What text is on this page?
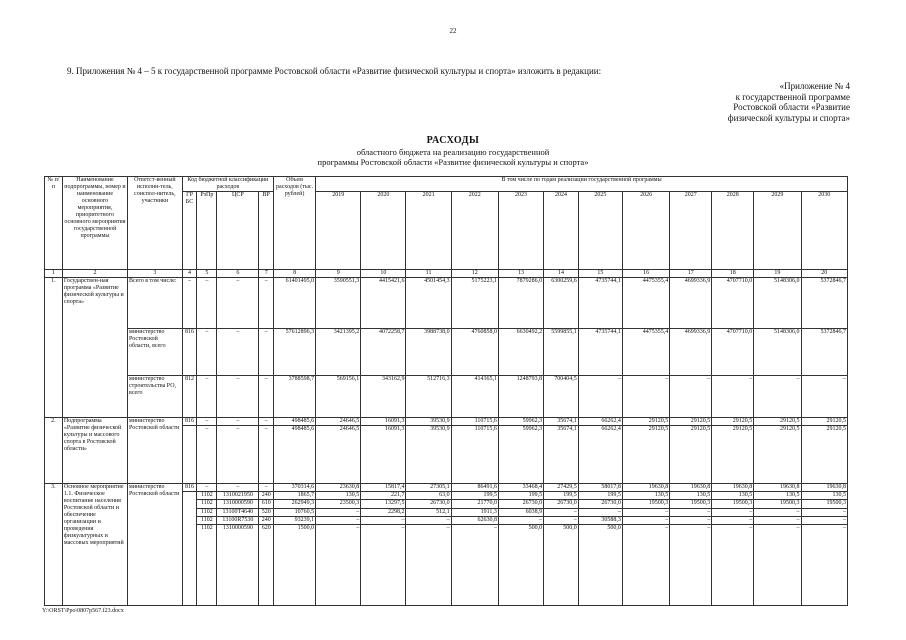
22
9. Приложения № 4 – 5 к государственной программе Ростовской области «Развитие физической культуры и спорта» изложить в редакции:
«Приложение № 4
к государственной программе
Ростовской области «Развитие
физической культуры и спорта»
РАСХОДЫ
областного бюджета на реализацию государственной
программы Ростовской области «Развитие физической культуры и спорта»
№ п/п	Наименование подпрограммы, номер и наименование основного мероприятия, приоритетного основного мероприятия государственной программы	Ответст-венный исполни-тель, соиспол-нитель, участники	Код бюджетной классификации расходов				Объем расходов (тыс. рублей)	В том числе по годам реализации государственной программы											
			ГР БС	РзПр	ЦСР	ВР		2019	2020	2021	2022	2023	2024	2025	2026	2027	2028	2029	2030
1	2	3	4	5	6	7	8	9	10	11	12	13	14	15	16	17	18	19	20
1.	Государствен-ная программа «Развитие физической культуры и спорта»	Всего в том числе:	–	–	–	–	61401495,0	3590551,3	4415421,6	4501454,3	5175223,1	7879286,0	6300259,6	4735744,1	4475355,4	4699336,9	4707710,0	5148306,0	5372846,7
		министерство Ростовской области, всего	816	–	–	–	57612896,3	3421395,2	4072258,7	3988738,0	4760858,0	6630492,2	5599855,1	4735744,1	4475355,4	4699336,9	4707710,0	5148306,0	5372846,7
		министерство строительства РО, всего	812	–	–	–	3788598,7	569156,1	343162,9	512716,3	414365,1	1248793,8	700404,5	–	–	–	–	–	–
2.	Подпрограмма «Развитие физической культуры и массового спорта в Ростовской области»	министерство Ростовской области	816	–	–	–	498485,6	24646,5	16091,3	39530,9	110715,6	59962,3	35674,1	66262,4	29120,5	29120,5	29120,5	29120,5	29120,5
				–	–	–	498485,6	24646,5	16091,3	39530,9	110715,6	59962,3	35674,1	66262,4	29120,5	29120,5	29120,5	29120,5	29120,5
3.	Основное мероприятие 1.1. Физическое воспитание населения Ростовской области и обеспечение организации и проведения физкультурных и массовых мероприятий	министерство Ростовской области	816	–	–	–	370314,6	23630,8	15817,4	27305,1	86491,6	33468,4	27429,5	58017,8	19630,8	19630,8	19630,8	19630,8	19630,8
				1102	1310021950	240	1865,7	130,5	221,7	63,0	199,5	199,5	199,5	199,5	130,5	130,5	130,5	130,5	130,5
				1102	1310000590	610	262949,3	23500,3	13297,5	26730,0	21770,0	26730,0	26730,0	26730,0	19500,3	19500,3	19500,3	19500,3	19500,3
				1102	13100Т4640	520	10760,5	–	2298,2	512,1	1911,3	6038,9	–	–	–	–	–	–	–
				1102	13100R7530	240	93239,1	–	–	–	62630,8	–	–	30588,3	–	–	–	–	–
				1102	1310000590	620	1500,0	–	–	–	–	500,0	500,0	500,0	–	–	–	–	–
Y:\ORST\Ppo\0807p567.f23.docx
